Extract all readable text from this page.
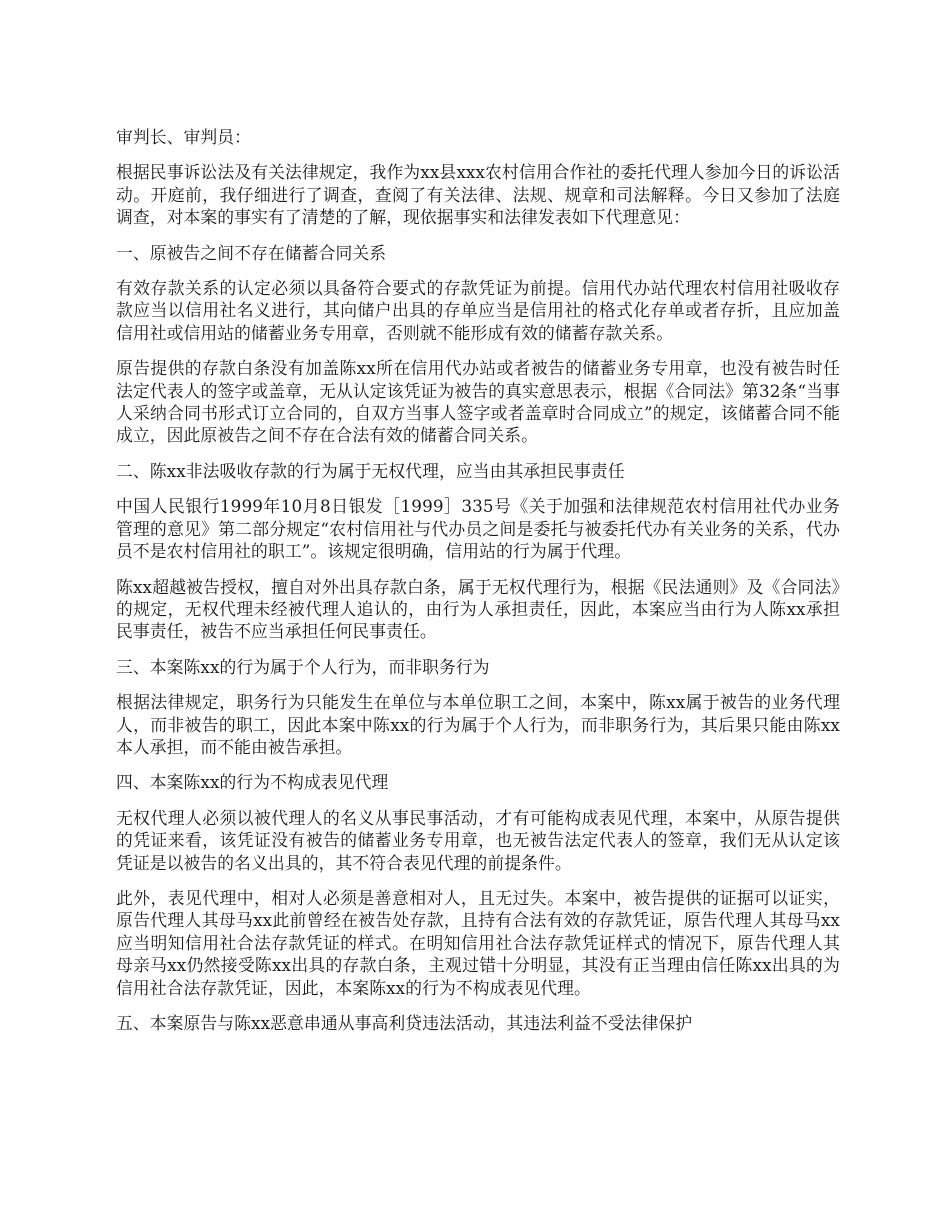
审判长、审判员：

根据民事诉讼法及有关法律规定，我作为xx县xxx农村信用合作社的委托代理人参加今日的诉讼活动。开庭前，我仔细进行了调查，查阅了有关法律、法规、规章和司法解释。今日又参加了法庭调查，对本案的事实有了清楚的了解，现依据事实和法律发表如下代理意见：

一、原被告之间不存在储蓄合同关系

有效存款关系的认定必须以具备符合要式的存款凭证为前提。信用代办站代理农村信用社吸收存款应当以信用社名义进行，其向储户出具的存单应当是信用社的格式化存单或者存折，且应加盖信用社或信用站的储蓄业务专用章，否则就不能形成有效的储蓄存款关系。

原告提供的存款白条没有加盖陈xx所在信用代办站或者被告的储蓄业务专用章，也没有被告时任法定代表人的签字或盖章，无从认定该凭证为被告的真实意思表示，根据《合同法》第32条“当事人采纳合同书形式订立合同的，自双方当事人签字或者盖章时合同成立”的规定，该储蓄合同不能成立，因此原被告之间不存在合法有效的储蓄合同关系。

二、陈xx非法吸收存款的行为属于无权代理，应当由其承担民事责任

中国人民银行1999年10月8日银发［1999］335号《关于加强和法律规范农村信用社代办业务管理的意见》第二部分规定“农村信用社与代办员之间是委托与被委托代办有关业务的关系，代办员不是农村信用社的职工”。该规定很明确，信用站的行为属于代理。

陈xx超越被告授权，擅自对外出具存款白条，属于无权代理行为，根据《民法通则》及《合同法》的规定，无权代理未经被代理人追认的，由行为人承担责任，因此，本案应当由行为人陈xx承担民事责任，被告不应当承担任何民事责任。

三、本案陈xx的行为属于个人行为，而非职务行为

根据法律规定，职务行为只能发生在单位与本单位职工之间，本案中，陈xx属于被告的业务代理人，而非被告的职工，因此本案中陈xx的行为属于个人行为，而非职务行为，其后果只能由陈xx本人承担，而不能由被告承担。

四、本案陈xx的行为不构成表见代理

无权代理人必须以被代理人的名义从事民事活动，才有可能构成表见代理，本案中，从原告提供的凭证来看，该凭证没有被告的储蓄业务专用章，也无被告法定代表人的签章，我们无从认定该凭证是以被告的名义出具的，其不符合表见代理的前提条件。

此外，表见代理中，相对人必须是善意相对人，且无过失。本案中，被告提供的证据可以证实，原告代理人其母马xx此前曾经在被告处存款，且持有合法有效的存款凭证，原告代理人其母马xx应当明知信用社合法存款凭证的样式。在明知信用社合法存款凭证样式的情况下，原告代理人其母亲马xx仍然接受陈xx出具的存款白条，主观过错十分明显，其没有正当理由信任陈xx出具的为信用社合法存款凭证，因此，本案陈xx的行为不构成表见代理。

五、本案原告与陈xx恶意串通从事高利贷违法活动，其违法利益不受法律保护
